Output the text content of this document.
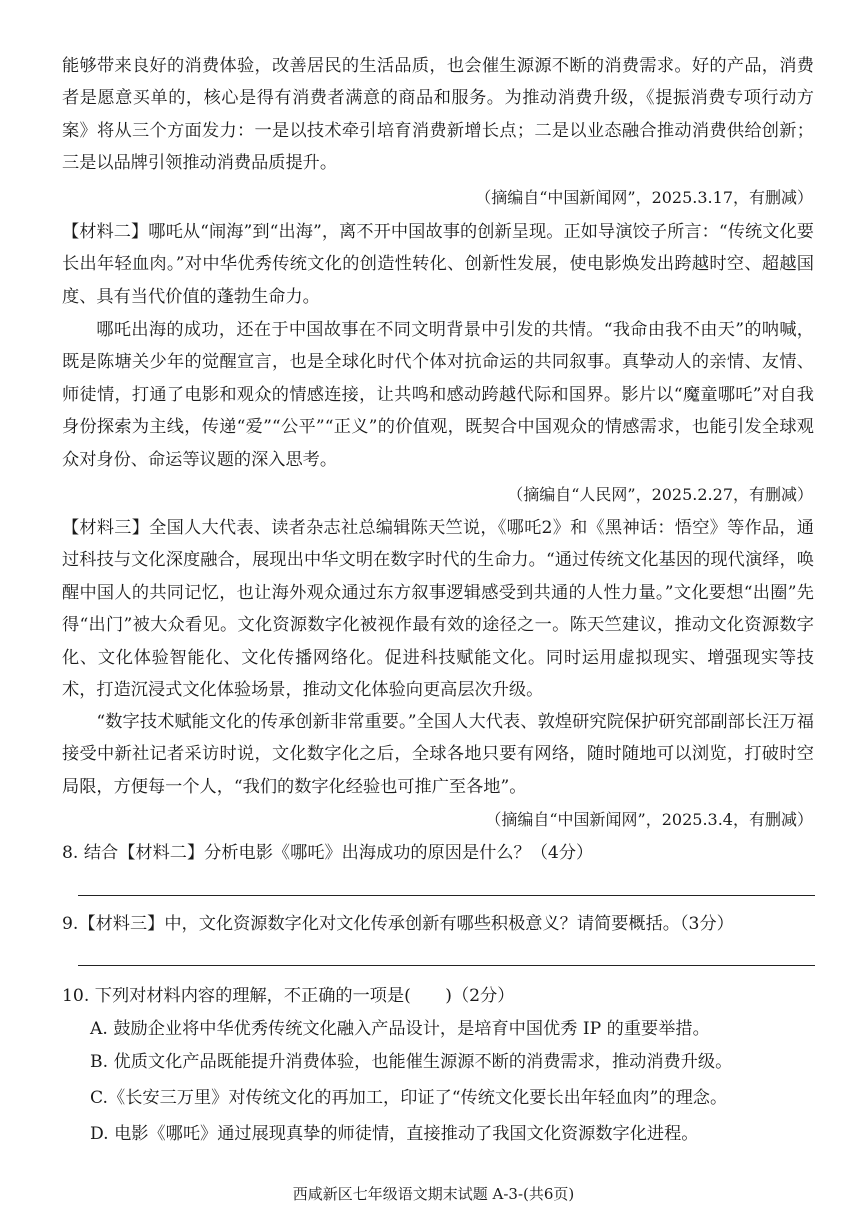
能够带来良好的消费体验，改善居民的生活品质，也会催生源源不断的消费需求。好的产品，消费者是愿意买单的，核心是得有消费者满意的商品和服务。为推动消费升级，《提振消费专项行动方案》将从三个方面发力：一是以技术牵引培育消费新增长点；二是以业态融合推动消费供给创新；三是以品牌引领推动消费品质提升。
（摘编自“中国新闻网”，2025.3.17，有删减）
【材料二】哪吒从“闹海”到“出海”，离不开中国故事的创新呈现。正如导演饺子所言：“传统文化要长出年轻血肉。”对中华优秀传统文化的创造性转化、创新性发展，使电影焕发出跨越时空、超越国度、具有当代价值的蓬勃生命力。
哪吒出海的成功，还在于中国故事在不同文明背景中引发的共情。“我命由我不由天”的呐喊，既是陈塘关少年的觉醒宣言，也是全球化时代个体对抗命运的共同叙事。真挚动人的亲情、友情、师徒情，打通了电影和观众的情感连接，让共鸣和感动跨越代际和国界。影片以“魔童哪吒”对自我身份探索为主线，传递“爱”“公平”“正义”的价值观，既契合中国观众的情感需求，也能引发全球观众对身份、命运等议题的深入思考。
（摘编自“人民网”，2025.2.27，有删减）
【材料三】全国人大代表、读者杂志社总编辑陈天竺说，《哪吒2》和《黑神话：悟空》等作品，通过科技与文化深度融合，展现出中华文明在数字时代的生命力。“通过传统文化基因的现代演绎，唤醒中国人的共同记忆，也让海外观众通过东方叙事逻辑感受到共通的人性力量。”文化要想“出圈”先得“出门”被大众看见。文化资源数字化被视作最有效的途径之一。陈天竺建议，推动文化资源数字化、文化体验智能化、文化传播网络化。促进科技赋能文化。同时运用虚拟现实、增强现实等技术，打造沉浸式文化体验场景，推动文化体验向更高层次升级。
“数字技术赋能文化的传承创新非常重要。”全国人大代表、敦煌研究院保护研究部副部长汪万福接受中新社记者采访时说，文化数字化之后，全球各地只要有网络，随时随地可以浏览，打破时空局限，方便每一个人，“我们的数字化经验也可推广至各地”。
（摘编自“中国新闻网”，2025.3.4，有删减）
8. 结合【材料二】分析电影《哪吒》出海成功的原因是什么？（4分）
9.【材料三】中，文化资源数字化对文化传承创新有哪些积极意义？请简要概括。（3分）
10. 下列对材料内容的理解，不正确的一项是(　　)（2分）
A. 鼓励企业将中华优秀传统文化融入产品设计，是培育中国优秀 IP 的重要举措。
B. 优质文化产品既能提升消费体验，也能催生源源不断的消费需求，推动消费升级。
C.《长安三万里》对传统文化的再加工，印证了“传统文化要长出年轻血肉”的理念。
D. 电影《哪吒》通过展现真挚的师徒情，直接推动了我国文化资源数字化进程。
西咸新区七年级语文期末试题 A-3-(共6页)
